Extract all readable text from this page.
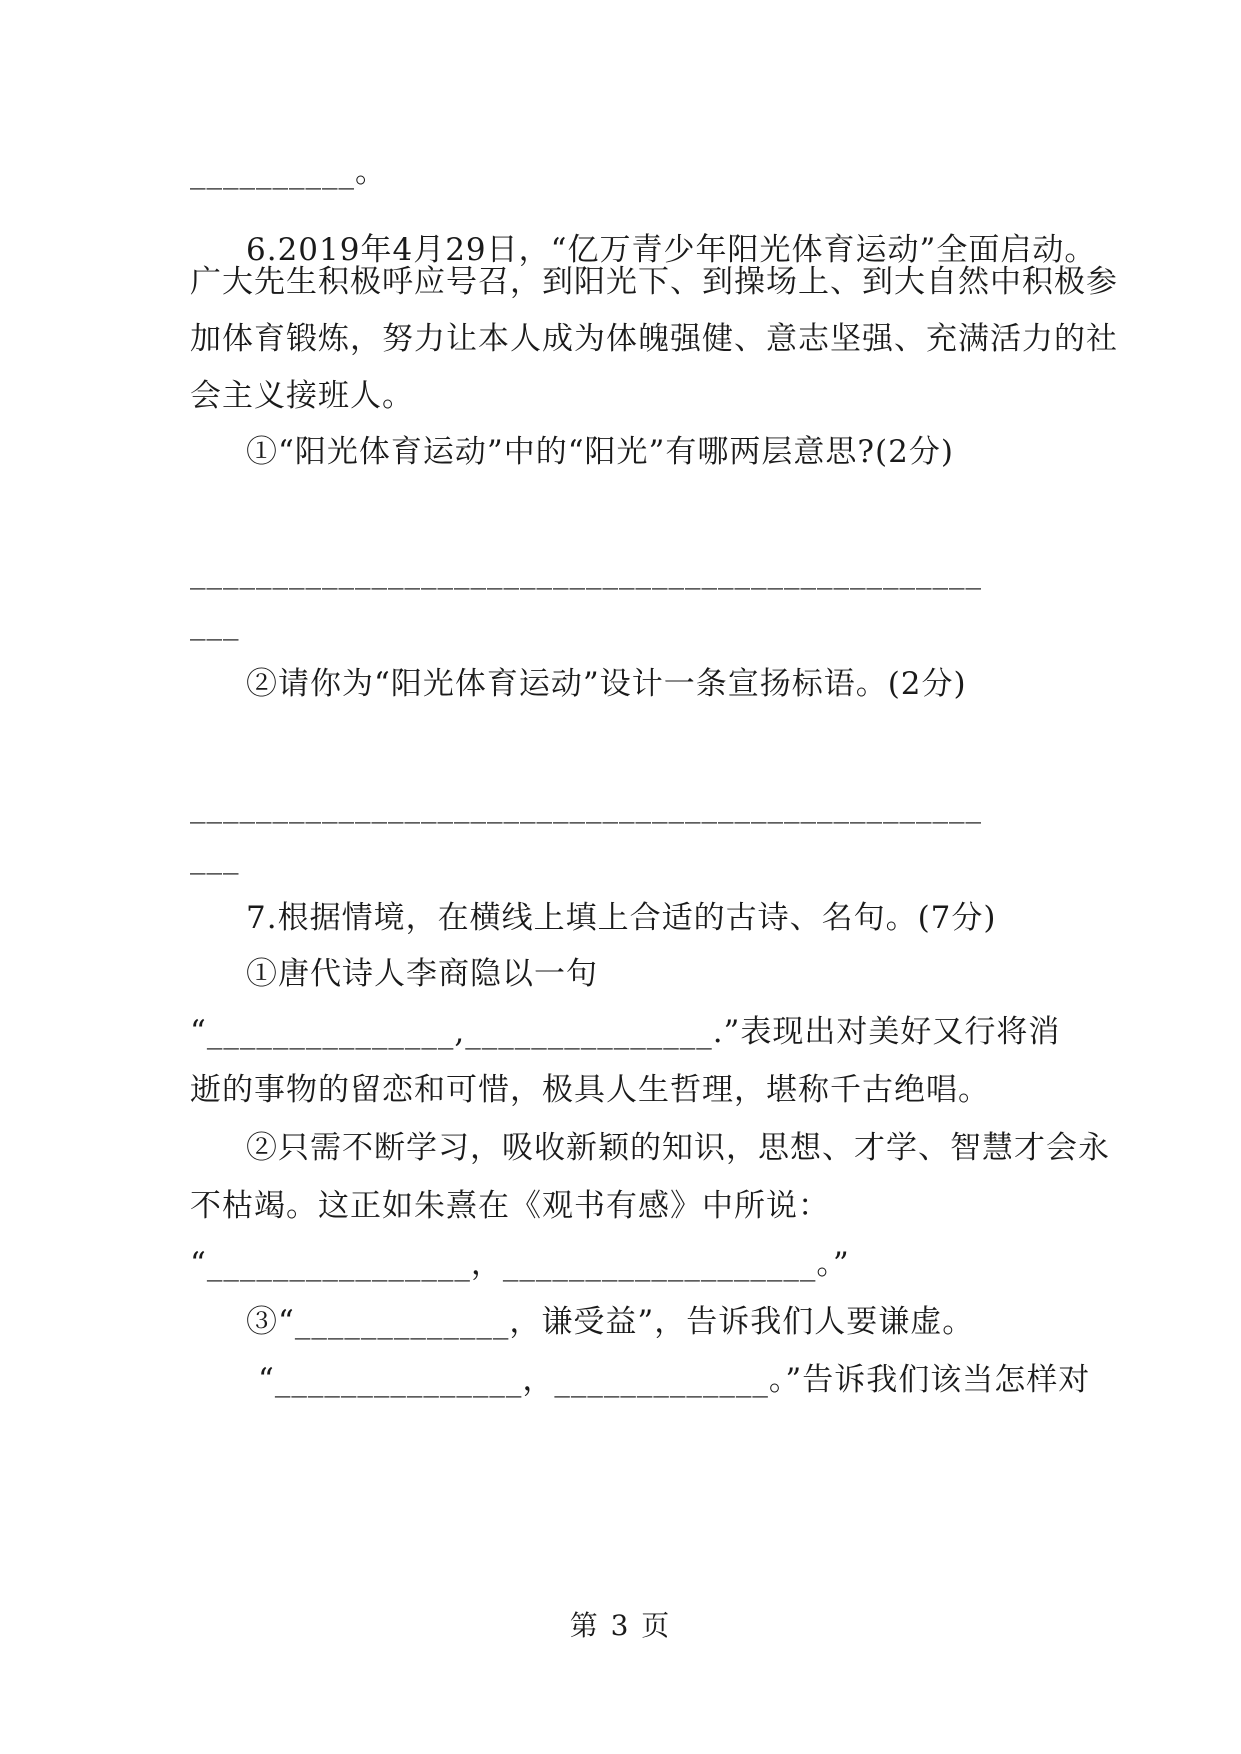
__________。
6.2019年4月29日，“亿万青少年阳光体育运动”全面启动。
广大先生积极呼应号召，到阳光下、到操场上、到大自然中积极参
加体育锻炼，努力让本人成为体魄强健、意志坚强、充满活力的社
会主义接班人。
①“阳光体育运动”中的“阳光”有哪两层意思?(2分)
________________________________________________
___
②请你为“阳光体育运动”设计一条宣扬标语。(2分)
________________________________________________
___
7.根据情境，在横线上填上合适的古诗、名句。(7分)
①唐代诗人李商隐以一句
“_______________,_______________.”表现出对美好又行将消
逝的事物的留恋和可惜，极具人生哲理，堪称千古绝唱。
②只需不断学习，吸收新颖的知识，思想、才学、智慧才会永
不枯竭。这正如朱熹在《观书有感》中所说：
“________________，___________________。”
③“_____________，谦受益”，告诉我们人要谦虚。
“_______________，_____________。”告诉我们该当怎样对
第 3 页
